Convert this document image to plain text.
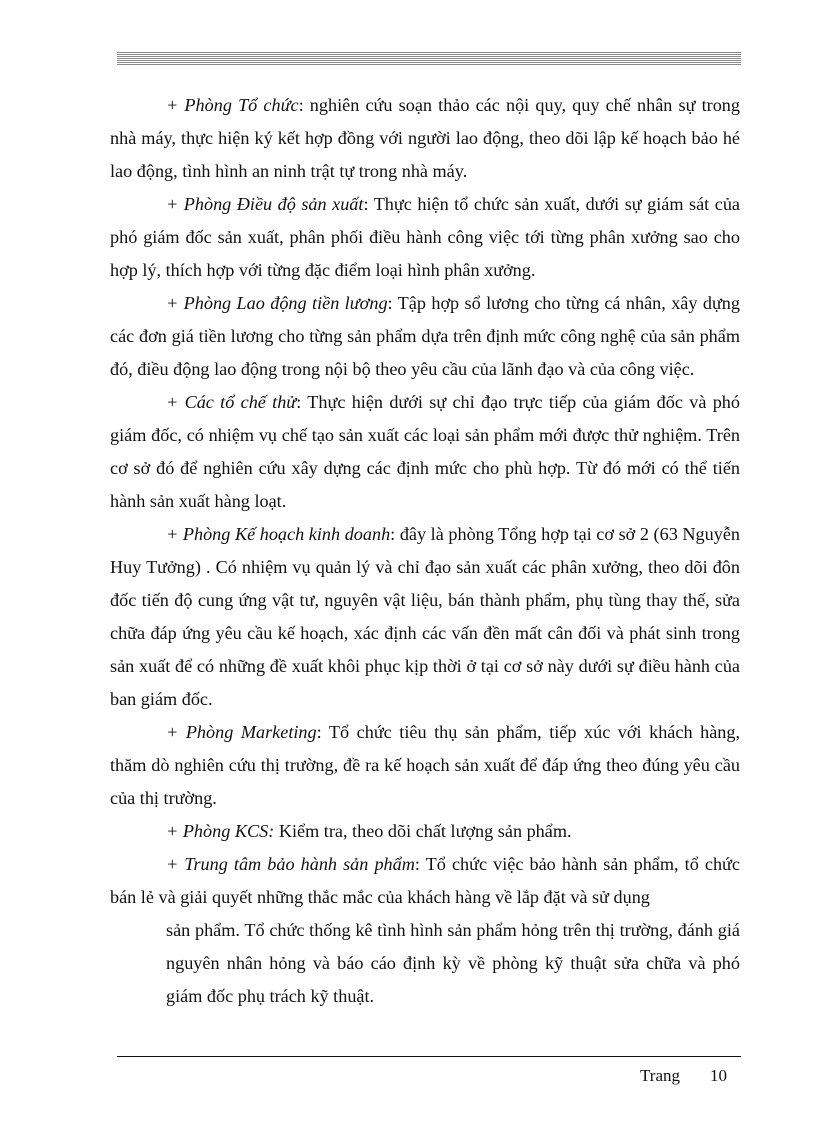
+ Phòng Tổ chức: nghiên cứu soạn thảo các nội quy, quy chế nhân sự trong nhà máy, thực hiện ký kết hợp đồng với người lao động, theo dõi lập kế hoạch bảo hé lao động, tình hình an ninh trật tự trong nhà máy.

+ Phòng Điều độ sản xuất: Thực hiện tổ chức sản xuất, dưới sự giám sát của phó giám đốc sản xuất, phân phối điều hành công việc tới từng phân xưởng sao cho hợp lý, thích hợp với từng đặc điểm loại hình phân xưởng.

+ Phòng Lao động tiền lương: Tập hợp sổ lương cho từng cá nhân, xây dựng các đơn giá tiền lương cho từng sản phẩm dựa trên định mức công nghệ của sản phẩm đó, điều động lao động trong nội bộ theo yêu cầu của lãnh đạo và của công việc.

+ Các tổ chế thử: Thực hiện dưới sự chỉ đạo trực tiếp của giám đốc và phó giám đốc, có nhiệm vụ chế tạo sản xuất các loại sản phẩm mới được thử nghiệm. Trên cơ sở đó để nghiên cứu xây dựng các định mức cho phù hợp. Từ đó mới có thể tiến hành sản xuất hàng loạt.

+ Phòng Kế hoạch kinh doanh: đây là phòng Tổng hợp tại cơ sở 2 (63 Nguyễn Huy Tưởng) . Có nhiệm vụ quản lý và chỉ đạo sản xuất các phân xưởng, theo dõi đôn đốc tiến độ cung ứng vật tư, nguyên vật liệu, bán thành phẩm, phụ tùng thay thế, sửa chữa đáp ứng yêu cầu kế hoạch, xác định các vấn đền mất cân đối và phát sinh trong sản xuất để có những đề xuất khôi phục kịp thời ở tại cơ sở này dưới sự điều hành của ban giám đốc.

+ Phòng Marketing: Tổ chức tiêu thụ sản phẩm, tiếp xúc với khách hàng, thăm dò nghiên cứu thị trường, đề ra kế hoạch sản xuất để đáp ứng theo đúng yêu cầu của thị trường.

+ Phòng KCS: Kiểm tra, theo dõi chất lượng sản phẩm.

+ Trung tâm bảo hành sản phẩm: Tổ chức việc bảo hành sản phẩm, tổ chức bán lẻ và giải quyết những thắc mắc của khách hàng về lắp đặt và sử dụng

sản phẩm. Tổ chức thống kê tình hình sản phẩm hỏng trên thị trường, đánh giá nguyên nhân hỏng và báo cáo định kỳ về phòng kỹ thuật sửa chữa và phó giám đốc phụ trách kỹ thuật.

Trang 10
